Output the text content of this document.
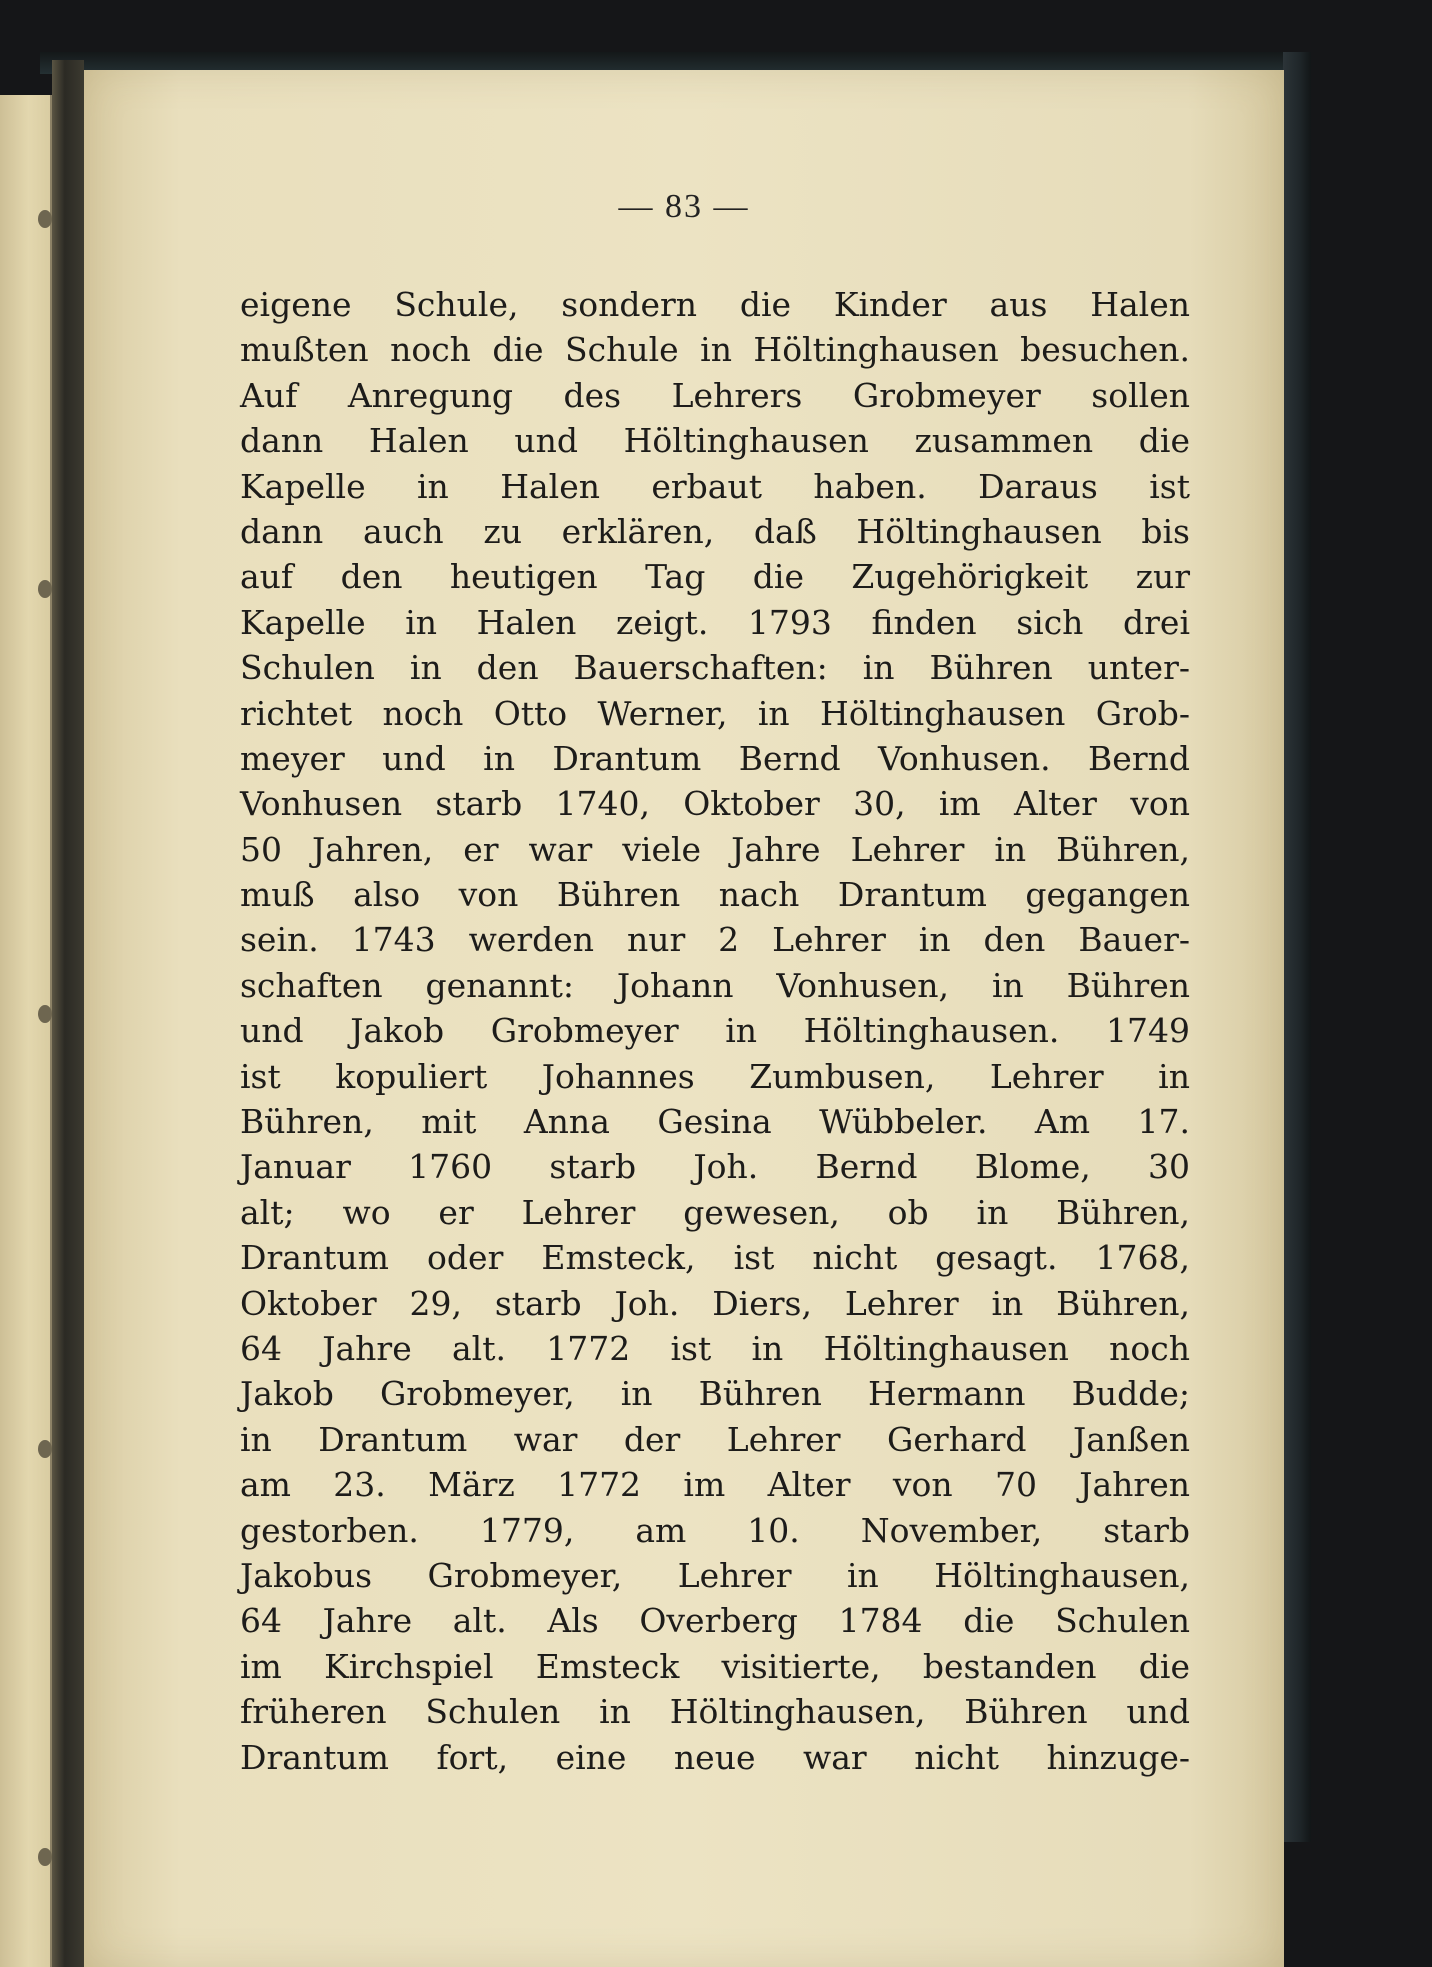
— 83 —
eigene Schule, sondern die Kinder aus Halen
mußten noch die Schule in Höltinghausen besuchen.
Auf Anregung des Lehrers Grobmeyer sollen
dann Halen und Höltinghausen zusammen die
Kapelle in Halen erbaut haben. Daraus ist
dann auch zu erklären, daß Höltinghausen bis
auf den heutigen Tag die Zugehörigkeit zur
Kapelle in Halen zeigt. 1793 finden sich drei
Schulen in den Bauerschaften: in Bühren unter-
richtet noch Otto Werner, in Höltinghausen Grob-
meyer und in Drantum Bernd Vonhusen. Bernd
Vonhusen starb 1740, Oktober 30, im Alter von
50 Jahren, er war viele Jahre Lehrer in Bühren,
muß also von Bühren nach Drantum gegangen
sein. 1743 werden nur 2 Lehrer in den Bauer-
schaften genannt: Johann Vonhusen, in Bühren
und Jakob Grobmeyer in Höltinghausen. 1749
ist kopuliert Johannes Zumbusen, Lehrer in
Bühren, mit Anna Gesina Wübbeler. Am 17.
Januar 1760 starb Joh. Bernd Blome, 30
alt; wo er Lehrer gewesen, ob in Bühren,
Drantum oder Emsteck, ist nicht gesagt. 1768,
Oktober 29, starb Joh. Diers, Lehrer in Bühren,
64 Jahre alt. 1772 ist in Höltinghausen noch
Jakob Grobmeyer, in Bühren Hermann Budde;
in Drantum war der Lehrer Gerhard Janßen
am 23. März 1772 im Alter von 70 Jahren
gestorben. 1779, am 10. November, starb
Jakobus Grobmeyer, Lehrer in Höltinghausen,
64 Jahre alt. Als Overberg 1784 die Schulen
im Kirchspiel Emsteck visitierte, bestanden die
früheren Schulen in Höltinghausen, Bühren und
Drantum fort, eine neue war nicht hinzuge-
